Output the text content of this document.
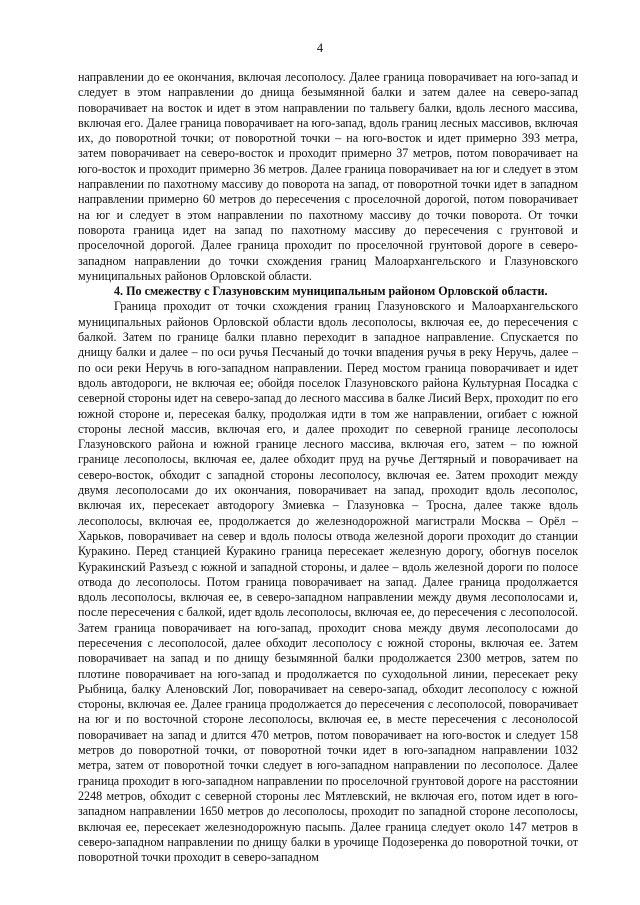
4

направлении до ее окончания, включая лесополосу. Далее граница поворачивает на юго-запад и следует в этом направлении до днища безымянной балки и затем далее на северо-запад поворачивает на восток и идет в этом направлении по тальвегу балки, вдоль лесного массива, включая его. Далее граница поворачивает на юго-запад, вдоль границ лесных массивов, включая их, до поворотной точки; от поворотной точки – на юго-восток и идет примерно 393 метра, затем поворачивает на северо-восток и проходит примерно 37 метров, потом поворачивает на юго-восток и проходит примерно 36 метров. Далее граница поворачивает на юг и следует в этом направлении по пахотному массиву до поворота на запад, от поворотной точки идет в западном направлении примерно 60 метров до пересечения с проселочной дорогой, потом поворачивает на юг и следует в этом направлении по пахотному массиву до точки поворота. От точки поворота граница идет на запад по пахотному массиву до пересечения с грунтовой и проселочной дорогой. Далее граница проходит по проселочной грунтовой дороге в северо-западном направлении до точки схождения границ Малоархангельского и Глазуновского муниципальных районов Орловской области.

4. По смежеству с Глазуновским муниципальным районом Орловской области.

Граница проходит от точки схождения границ Глазуновского и Малоархангельского муниципальных районов Орловской области вдоль лесополосы, включая ее, до пересечения с балкой. Затем по границе балки плавно переходит в западное направление. Спускается по днищу балки и далее – по оси ручья Песчаный до точки впадения ручья в реку Неручь, далее – по оси реки Неручь в юго-западном направлении. Перед мостом граница поворачивает и идет вдоль автодороги, не включая ее; обойдя поселок Глазуновского района Культурная Посадка с северной стороны идет на северо-запад до лесного массива в балке Лисий Верх, проходит по его южной стороне и, пересекая балку, продолжая идти в том же направлении, огибает с южной стороны лесной массив, включая его, и далее проходит по северной границе лесополосы Глазуновского района и южной границе лесного массива, включая его, затем – по южной границе лесополосы, включая ее, далее обходит пруд на ручье Дегтярный и поворачивает на северо-восток, обходит с западной стороны лесополосу, включая ее. Затем проходит между двумя лесополосами до их окончания, поворачивает на запад, проходит вдоль лесополос, включая их, пересекает автодорогу Змиевка – Глазуновка – Тросна, далее также вдоль лесополосы, включая ее, продолжается до железнодорожной магистрали Москва – Орёл – Харьков, поворачивает на север и вдоль полосы отвода железной дороги проходит до станции Куракино. Перед станцией Куракино граница пересекает железную дорогу, обогнув поселок Куракинский Разъезд с южной и западной стороны, и далее – вдоль железной дороги по полосе отвода до лесополосы. Потом граница поворачивает на запад. Далее граница продолжается вдоль лесополосы, включая ее, в северо-западном направлении между двумя лесополосами и, после пересечения с балкой, идет вдоль лесополосы, включая ее, до пересечения с лесополосой. Затем граница поворачивает на юго-запад, проходит снова между двумя лесополосами до пересечения с лесополосой, далее обходит лесополосу с южной стороны, включая ее. Затем поворачивает на запад и по днищу безымянной балки продолжается 2300 метров, затем по плотине поворачивает на юго-запад и продолжается по суходольной линии, пересекает реку Рыбница, балку Аленовский Лог, поворачивает на северо-запад, обходит лесополосу с южной стороны, включая ее. Далее граница продолжается до пересечения с лесополосой, поворачивает на юг и по восточной стороне лесополосы, включая ее, в месте пересечения с лесонолосой поворачивает на запад и длится 470 метров, потом поворачивает на юго-восток и следует 158 метров до поворотной точки, от поворотной точки идет в юго-западном направлении 1032 метра, затем от поворотной точки следует в юго-западном направлении по лесополосе. Далее граница проходит в юго-западном направлении по проселочной грунтовой дороге на расстоянии 2248 метров, обходит с северной стороны лес Мятлевский, не включая его, потом идет в юго-западном направлении 1650 метров до лесополосы, проходит по западной стороне лесополосы, включая ее, пересекает железнодорожную пасыпь. Далее граница следует около 147 метров в северо-западном направлении по днищу балки в урочище Подозеренка до поворотной точки, от поворотной точки проходит в северо-западном
